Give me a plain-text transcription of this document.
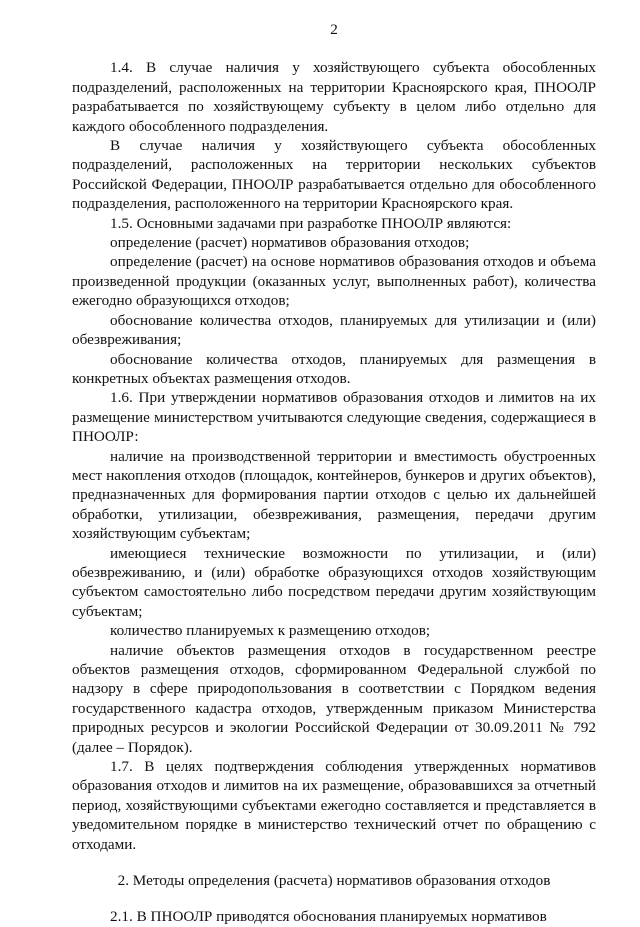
2

1.4. В случае наличия у хозяйствующего субъекта обособленных подразделений, расположенных на территории Красноярского края, ПНООЛР разрабатывается по хозяйствующему субъекту в целом либо отдельно для каждого обособленного подразделения.

В случае наличия у хозяйствующего субъекта обособленных подразделений, расположенных на территории нескольких субъектов Российской Федерации, ПНООЛР разрабатывается отдельно для обособленного подразделения, расположенного на территории Красноярского края.

1.5. Основными задачами при разработке ПНООЛР являются:

определение (расчет) нормативов образования отходов;

определение (расчет) на основе нормативов образования отходов и объема произведенной продукции (оказанных услуг, выполненных работ), количества ежегодно образующихся отходов;

обоснование количества отходов, планируемых для утилизации и (или) обезвреживания;

обоснование количества отходов, планируемых для размещения в конкретных объектах размещения отходов.

1.6. При утверждении нормативов образования отходов и лимитов на их размещение министерством учитываются следующие сведения, содержащиеся в ПНООЛР:

наличие на производственной территории и вместимость обустроенных мест накопления отходов (площадок, контейнеров, бункеров и других объектов), предназначенных для формирования партии отходов с целью их дальнейшей обработки, утилизации, обезвреживания, размещения, передачи другим хозяйствующим субъектам;

имеющиеся технические возможности по утилизации, и (или) обезвреживанию, и (или) обработке образующихся отходов хозяйствующим субъектом самостоятельно либо посредством передачи другим хозяйствующим субъектам;

количество планируемых к размещению отходов;

наличие объектов размещения отходов в государственном реестре объектов размещения отходов, сформированном Федеральной службой по надзору в сфере природопользования в соответствии с Порядком ведения государственного кадастра отходов, утвержденным приказом Министерства природных ресурсов и экологии Российской Федерации от 30.09.2011 № 792 (далее – Порядок).

1.7. В целях подтверждения соблюдения утвержденных нормативов образования отходов и лимитов на их размещение, образовавшихся за отчетный период, хозяйствующими субъектами ежегодно составляется и представляется в уведомительном порядке в министерство технический отчет по обращению с отходами.

2. Методы определения (расчета) нормативов образования отходов

2.1. В ПНООЛР приводятся обоснования планируемых нормативов
